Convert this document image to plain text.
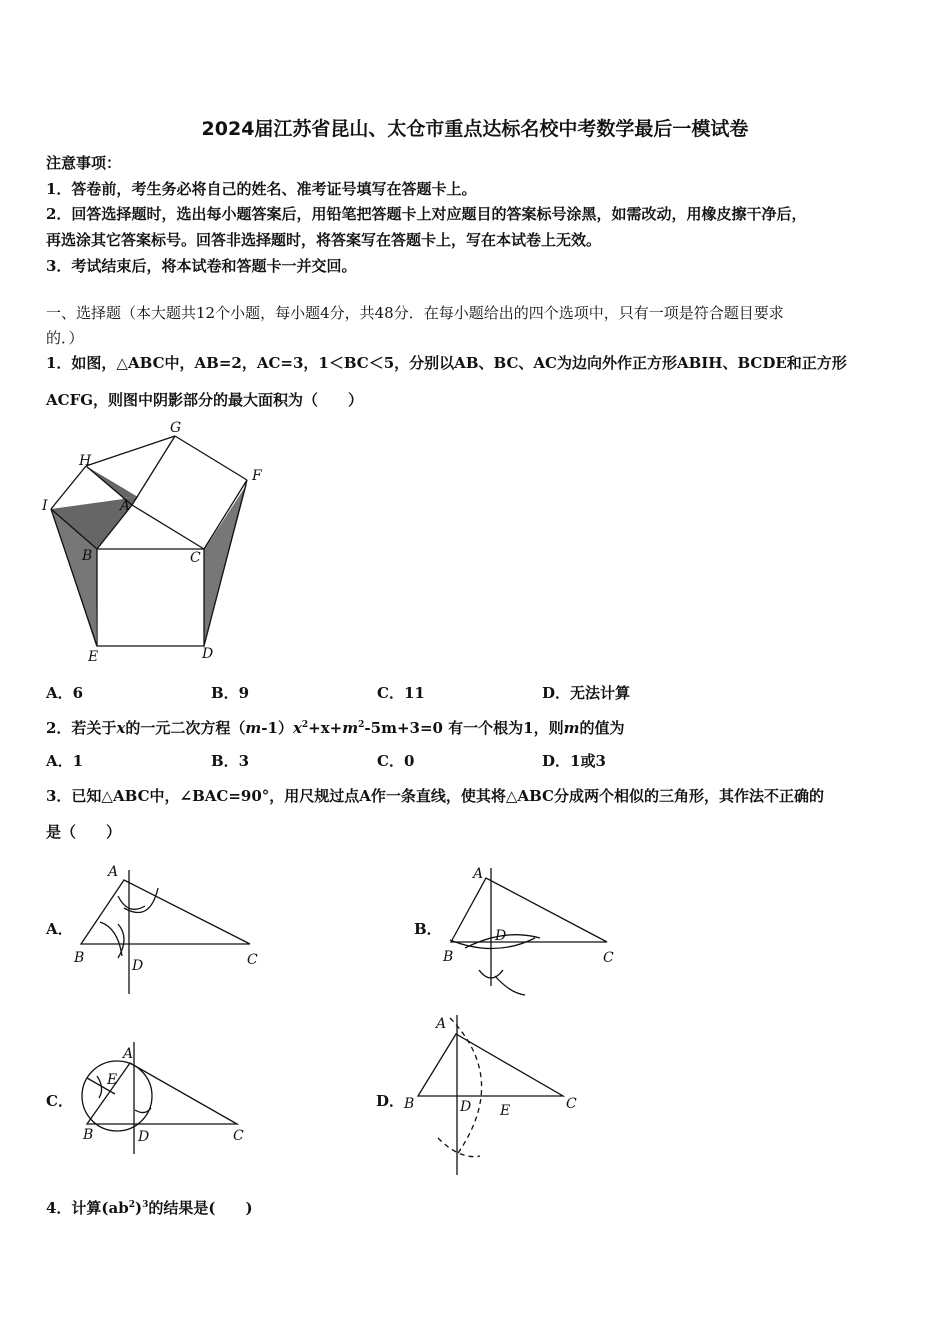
2024届江苏省昆山、太仓市重点达标名校中考数学最后一模试卷
注意事项：
1．答卷前，考生务必将自己的姓名、准考证号填写在答题卡上。
2．回答选择题时，选出每小题答案后，用铅笔把答题卡上对应题目的答案标号涂黑，如需改动，用橡皮擦干净后，
再选涂其它答案标号。回答非选择题时，将答案写在答题卡上，写在本试卷上无效。
3．考试结束后，将本试卷和答题卡一并交回。
一、选择题（本大题共12个小题，每小题4分，共48分．在每小题给出的四个选项中，只有一项是符合题目要求
的．）
1．如图，△ABC中，AB=2，AC=3，1＜BC＜5，分别以AB、BC、AC为边向外作正方形ABIH、BCDE和正方形
ACFG，则图中阴影部分的最大面积为（　　）
G
H
F
I	A
B	C
E	D
A．6	B．9	C．11	D．无法计算
2．若关于x的一元二次方程$(m-1)x^2+x+m^2-5m+3=0$ 有一个根为1，则m的值为
A．1	B．3	C．0	D．1或3
3．已知△ABC中，∠BAC=90°，用尺规过点A作一条直线，使其将△ABC分成两个相似的三角形，其作法不正确的
是（　　）
A．
A
B	D	C
B．
A
D
B	C
C．
A
E
B	D	C
D．
A
B	D E	C
4．计算$(ab^2)^3$的结果是(　　)
